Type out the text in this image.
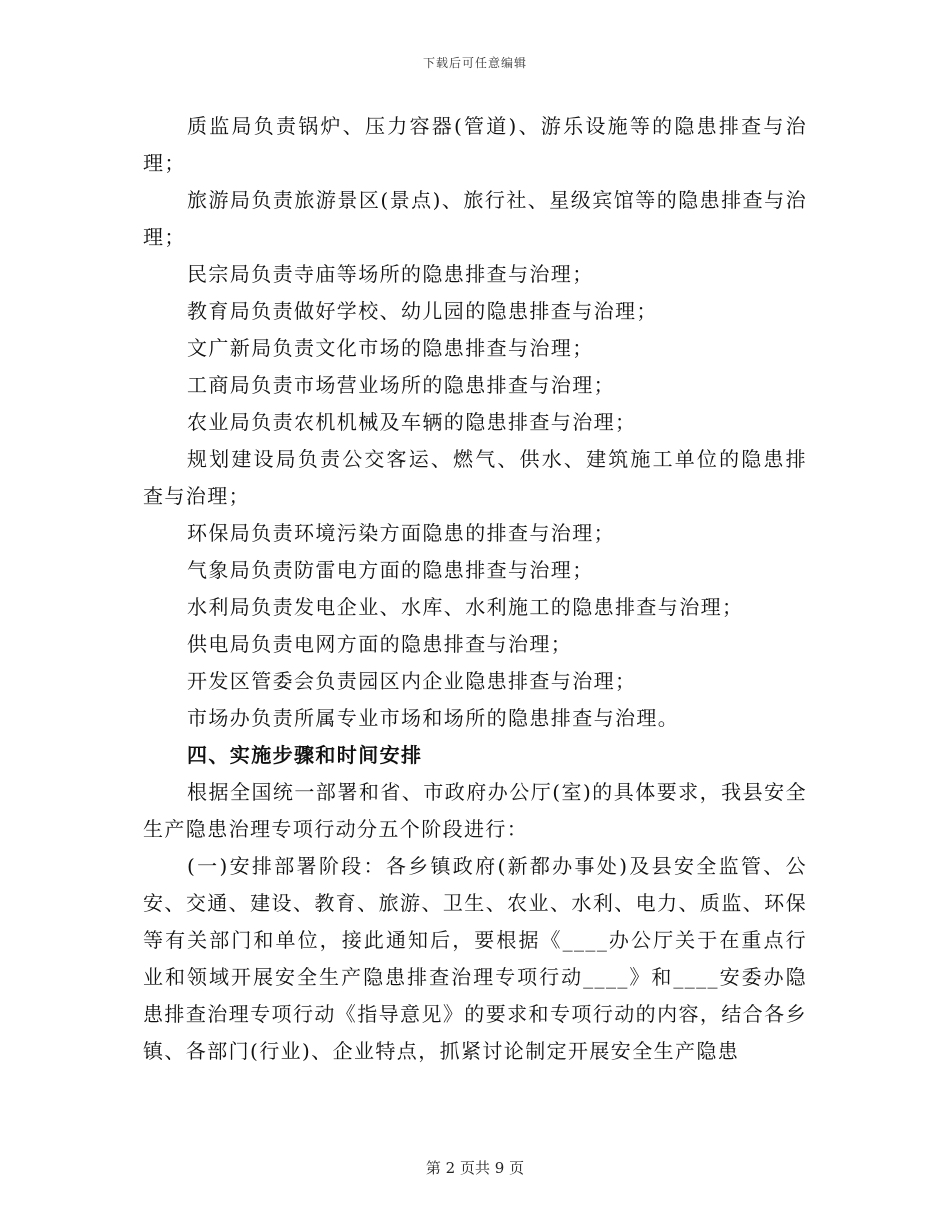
下载后可任意编辑

质监局负责锅炉、压力容器(管道)、游乐设施等的隐患排查与治理；

旅游局负责旅游景区(景点)、旅行社、星级宾馆等的隐患排查与治理；

民宗局负责寺庙等场所的隐患排查与治理；

教育局负责做好学校、幼儿园的隐患排查与治理；

文广新局负责文化市场的隐患排查与治理；

工商局负责市场营业场所的隐患排查与治理；

农业局负责农机机械及车辆的隐患排查与治理；

规划建设局负责公交客运、燃气、供水、建筑施工单位的隐患排查与治理；

环保局负责环境污染方面隐患的排查与治理；

气象局负责防雷电方面的隐患排查与治理；

水利局负责发电企业、水库、水利施工的隐患排查与治理；

供电局负责电网方面的隐患排查与治理；

开发区管委会负责园区内企业隐患排查与治理；

市场办负责所属专业市场和场所的隐患排查与治理。

四、实施步骤和时间安排

根据全国统一部署和省、市政府办公厅(室)的具体要求，我县安全生产隐患治理专项行动分五个阶段进行：

(一)安排部署阶段：各乡镇政府(新都办事处)及县安全监管、公安、交通、建设、教育、旅游、卫生、农业、水利、电力、质监、环保等有关部门和单位，接此通知后，要根据《____办公厅关于在重点行业和领域开展安全生产隐患排查治理专项行动____》和____安委办隐患排查治理专项行动《指导意见》的要求和专项行动的内容，结合各乡镇、各部门(行业)、企业特点，抓紧讨论制定开展安全生产隐患

第 2 页共 9 页
